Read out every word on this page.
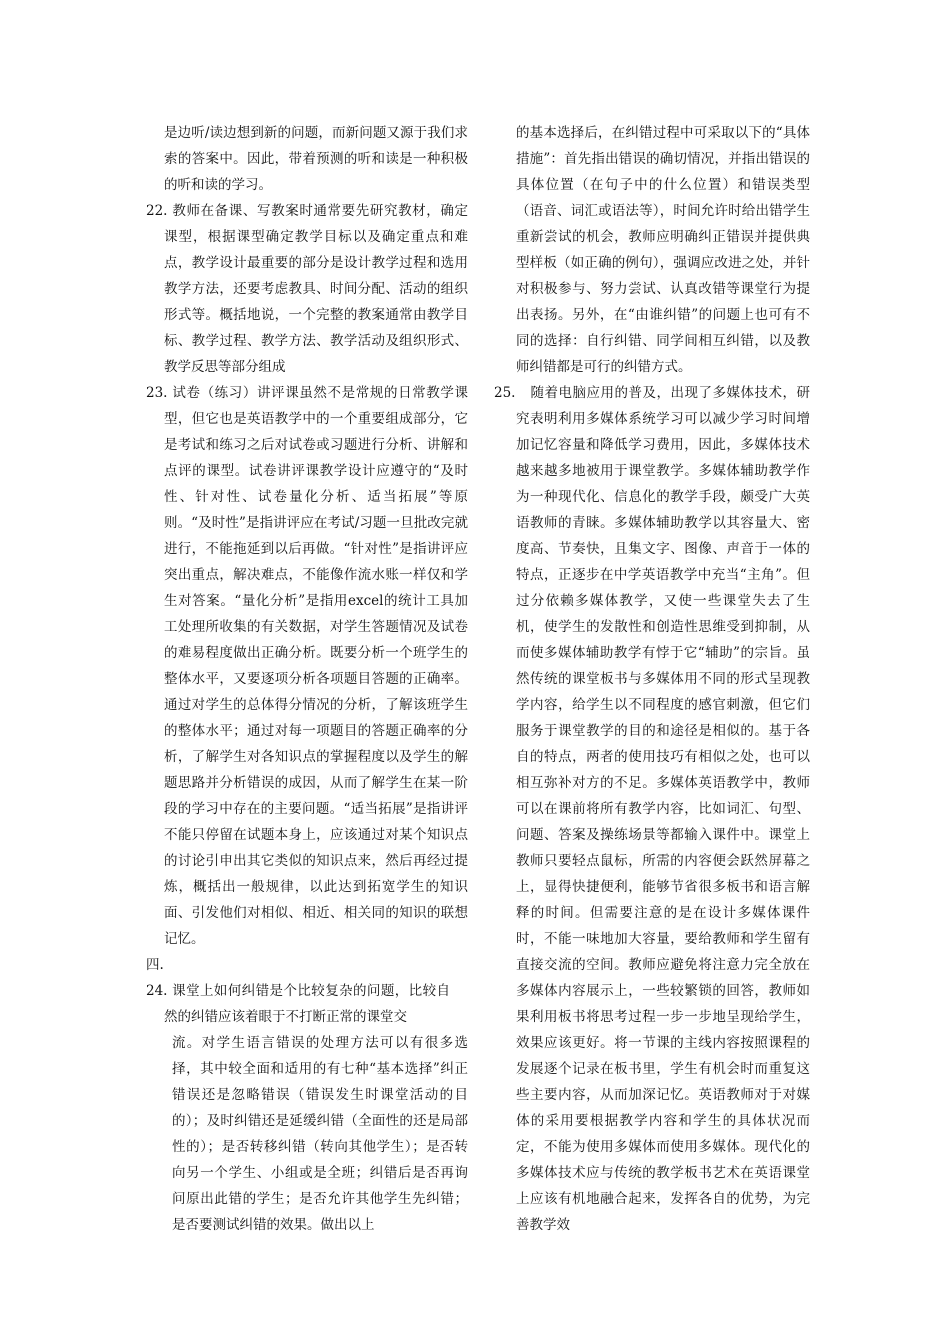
是边听/读边想到新的问题，而新问题又源于我们求索的答案中。因此，带着预测的听和读是一种积极的听和读的学习。

22. 教师在备课、写教案时通常要先研究教材，确定课型，根据课型确定教学目标以及确定重点和难点，教学设计最重要的部分是设计教学过程和选用教学方法，还要考虑教具、时间分配、活动的组织形式等。概括地说，一个完整的教案通常由教学目标、教学过程、教学方法、教学活动及组织形式、教学反思等部分组成

23. 试卷（练习）讲评课虽然不是常规的日常教学课型，但它也是英语教学中的一个重要组成部分，它是考试和练习之后对试卷或习题进行分析、讲解和点评的课型。试卷讲评课教学设计应遵守的“及时性、针对性、试卷量化分析、适当拓展”等原则。“及时性”是指讲评应在考试/习题一旦批改完就进行，不能拖延到以后再做。“针对性”是指讲评应突出重点，解决难点，不能像作流水账一样仅和学生对答案。“量化分析”是指用excel的统计工具加工处理所收集的有关数据，对学生答题情况及试卷的难易程度做出正确分析。既要分析一个班学生的整体水平，又要逐项分析各项题目答题的正确率。通过对学生的总体得分情况的分析，了解该班学生的整体水平；通过对每一项题目的答题正确率的分析，了解学生对各知识点的掌握程度以及学生的解题思路并分析错误的成因，从而了解学生在某一阶段的学习中存在的主要问题。“适当拓展”是指讲评不能只停留在试题本身上，应该通过对某个知识点的讨论引申出其它类似的知识点来，然后再经过提炼，概括出一般规律，以此达到拓宽学生的知识面、引发他们对相似、相近、相关同的知识的联想记忆。

四.

24. 课堂上如何纠错是个比较复杂的问题，比较自然的纠错应该着眼于不打断正常的课堂交

流。对学生语言错误的处理方法可以有很多选择，其中较全面和适用的有七种“基本选择”纠正错误还是忽略错误（错误发生时课堂活动的目的）；及时纠错还是延缓纠错（全面性的还是局部性的）；是否转移纠错（转向其他学生）；是否转向另一个学生、小组或是全班；纠错后是否再询问原出此错的学生；是否允许其他学生先纠错；是否要测试纠错的效果。做出以上

的基本选择后，在纠错过程中可采取以下的“具体措施”：首先指出错误的确切情况，并指出错误的具体位置（在句子中的什么位置）和错误类型（语音、词汇或语法等），时间允许时给出错学生重新尝试的机会，教师应明确纠正错误并提供典型样板（如正确的例句），强调应改进之处，并针对积极参与、努力尝试、认真改错等课堂行为提出表扬。另外，在“由谁纠错”的问题上也可有不同的选择：自行纠错、同学间相互纠错，以及教师纠错都是可行的纠错方式。

25.　 随着电脑应用的普及，出现了多媒体技术，研究表明利用多媒体系统学习可以减少学习时间增加记忆容量和降低学习费用，因此，多媒体技术越来越多地被用于课堂教学。多媒体辅助教学作为一种现代化、信息化的教学手段，颇受广大英语教师的青睐。多媒体辅助教学以其容量大、密度高、节奏快，且集文字、图像、声音于一体的特点，正逐步在中学英语教学中充当“主角”。但过分依赖多媒体教学，又使一些课堂失去了生机，使学生的发散性和创造性思维受到抑制，从而使多媒体辅助教学有悖于它“辅助”的宗旨。虽然传统的课堂板书与多媒体用不同的形式呈现教学内容，给学生以不同程度的感官刺激，但它们服务于课堂教学的目的和途径是相似的。基于各自的特点，两者的使用技巧有相似之处，也可以相互弥补对方的不足。多媒体英语教学中，教师可以在课前将所有教学内容，比如词汇、句型、问题、答案及操练场景等都输入课件中。课堂上教师只要轻点鼠标，所需的内容便会跃然屏幕之上，显得快捷便利，能够节省很多板书和语言解释的时间。但需要注意的是在设计多媒体课件时，不能一味地加大容量，要给教师和学生留有直接交流的空间。教师应避免将注意力完全放在多媒体内容展示上，一些较繁锁的回答，教师如果利用板书将思考过程一步一步地呈现给学生，效果应该更好。将一节课的主线内容按照课程的发展逐个记录在板书里，学生有机会时而重复这些主要内容，从而加深记忆。英语教师对于对媒体的采用要根据教学内容和学生的具体状况而定，不能为使用多媒体而使用多媒体。现代化的多媒体技术应与传统的教学板书艺术在英语课堂上应该有机地融合起来，发挥各自的优势，为完善教学效
